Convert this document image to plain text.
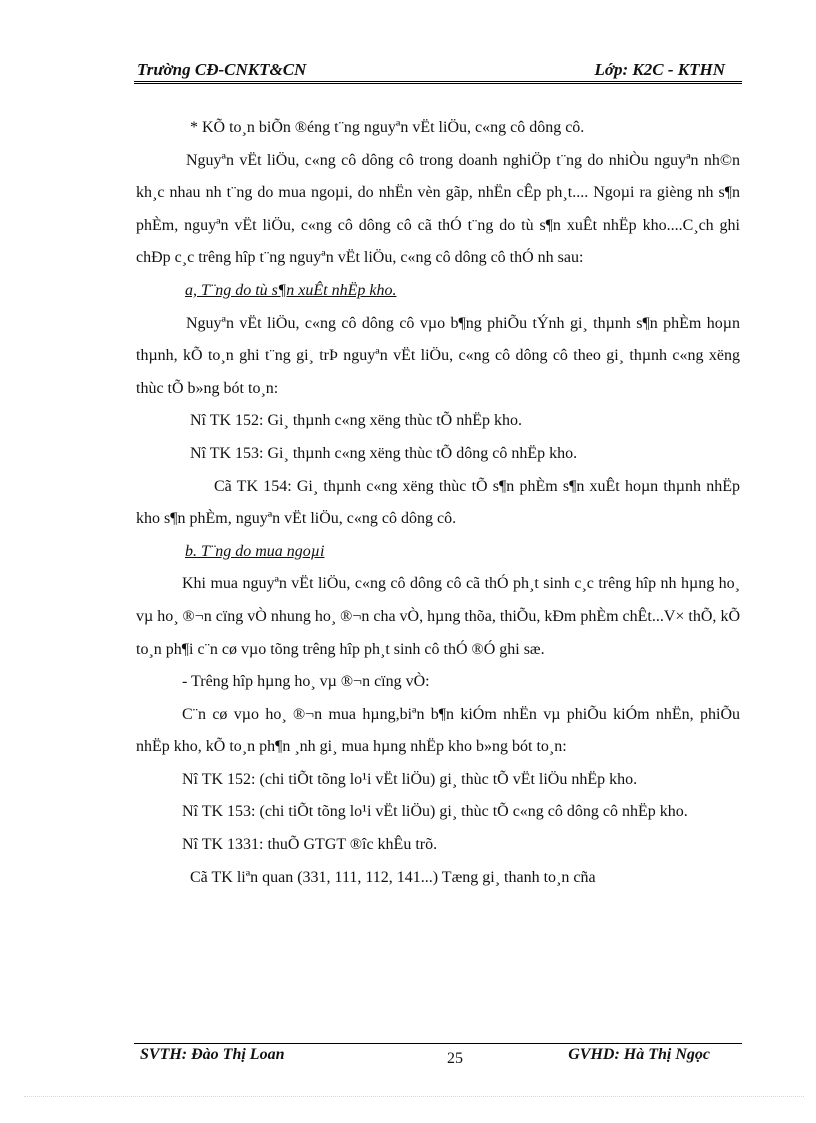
Trường CĐ-CNKT&CN	Lớp: K2C - KTHN

* KÕ to¸n biÕn ®éng t¨ng nguyªn vËt liÖu, c«ng cô dông cô.

Nguyªn vËt liÖu, c«ng cô dông cô trong doanh nghiÖp t¨ng do nhiÒu nguyªn nh©n kh¸c nhau nh t¨ng do mua ngoµi, do nhËn vèn gãp, nhËn cÊp ph¸t.... Ngoµi ra gièng nh s¶n phÈm, nguyªn vËt liÖu, c«ng cô dông cô cã thÓ t¨ng do tù s¶n xuÊt nhËp kho....C¸ch ghi chÐp c¸c trêng hîp t¨ng nguyªn vËt liÖu, c«ng cô dông cô thÓ nh sau:

a, T¨ng do tù s¶n xuÊt nhËp kho.

Nguyªn vËt liÖu, c«ng cô dông cô vµo b¶ng phiÕu tÝnh gi¸ thµnh s¶n phÈm hoµn thµnh, kÕ to¸n ghi t¨ng gi¸ trÞ nguyªn vËt liÖu, c«ng cô dông cô theo gi¸ thµnh c«ng xëng thùc tÕ b»ng bót to¸n:

Nî TK 152: Gi¸ thµnh c«ng xëng thùc tÕ nhËp kho.

Nî TK 153: Gi¸ thµnh c«ng xëng thùc tÕ dông cô nhËp kho.

Cã TK 154: Gi¸ thµnh c«ng xëng thùc tÕ s¶n phÈm s¶n xuÊt hoµn thµnh nhËp kho s¶n phÈm, nguyªn vËt liÖu, c«ng cô dông cô.

b. T¨ng do mua ngoµi

Khi mua nguyªn vËt liÖu, c«ng cô dông cô cã thÓ ph¸t sinh c¸c trêng hîp nh hµng ho¸ vµ ho¸ ®¬n cïng vÒ nhung ho¸ ®¬n cha vÒ, hµng thõa, thiÕu, kÐm phÈm chÊt...V× thÕ, kÕ to¸n ph¶i c¨n cø vµo tõng trêng hîp ph¸t sinh cô thÓ ®Ó ghi sæ.

- Trêng hîp hµng ho¸ vµ ®¬n cïng vÒ:

C¨n cø vµo ho¸ ®¬n mua hµng,biªn b¶n kiÓm nhËn vµ phiÕu kiÓm nhËn, phiÕu nhËp kho, kÕ to¸n ph¶n ¸nh gi¸ mua hµng nhËp kho b»ng bót to¸n:

Nî TK 152: (chi tiÕt tõng lo¹i vËt liÖu) gi¸ thùc tÕ vËt liÖu nhËp kho.

Nî TK 153: (chi tiÕt tõng lo¹i vËt liÖu) gi¸ thùc tÕ c«ng cô dông cô nhËp kho.

Nî TK 1331: thuÕ GTGT ®îc khÊu trõ.

Cã TK liªn quan (331, 111, 112, 141...) Tæng gi¸ thanh to¸n cña

SVTH: Đào Thị Loan	25	GVHD: Hà Thị Ngọc
